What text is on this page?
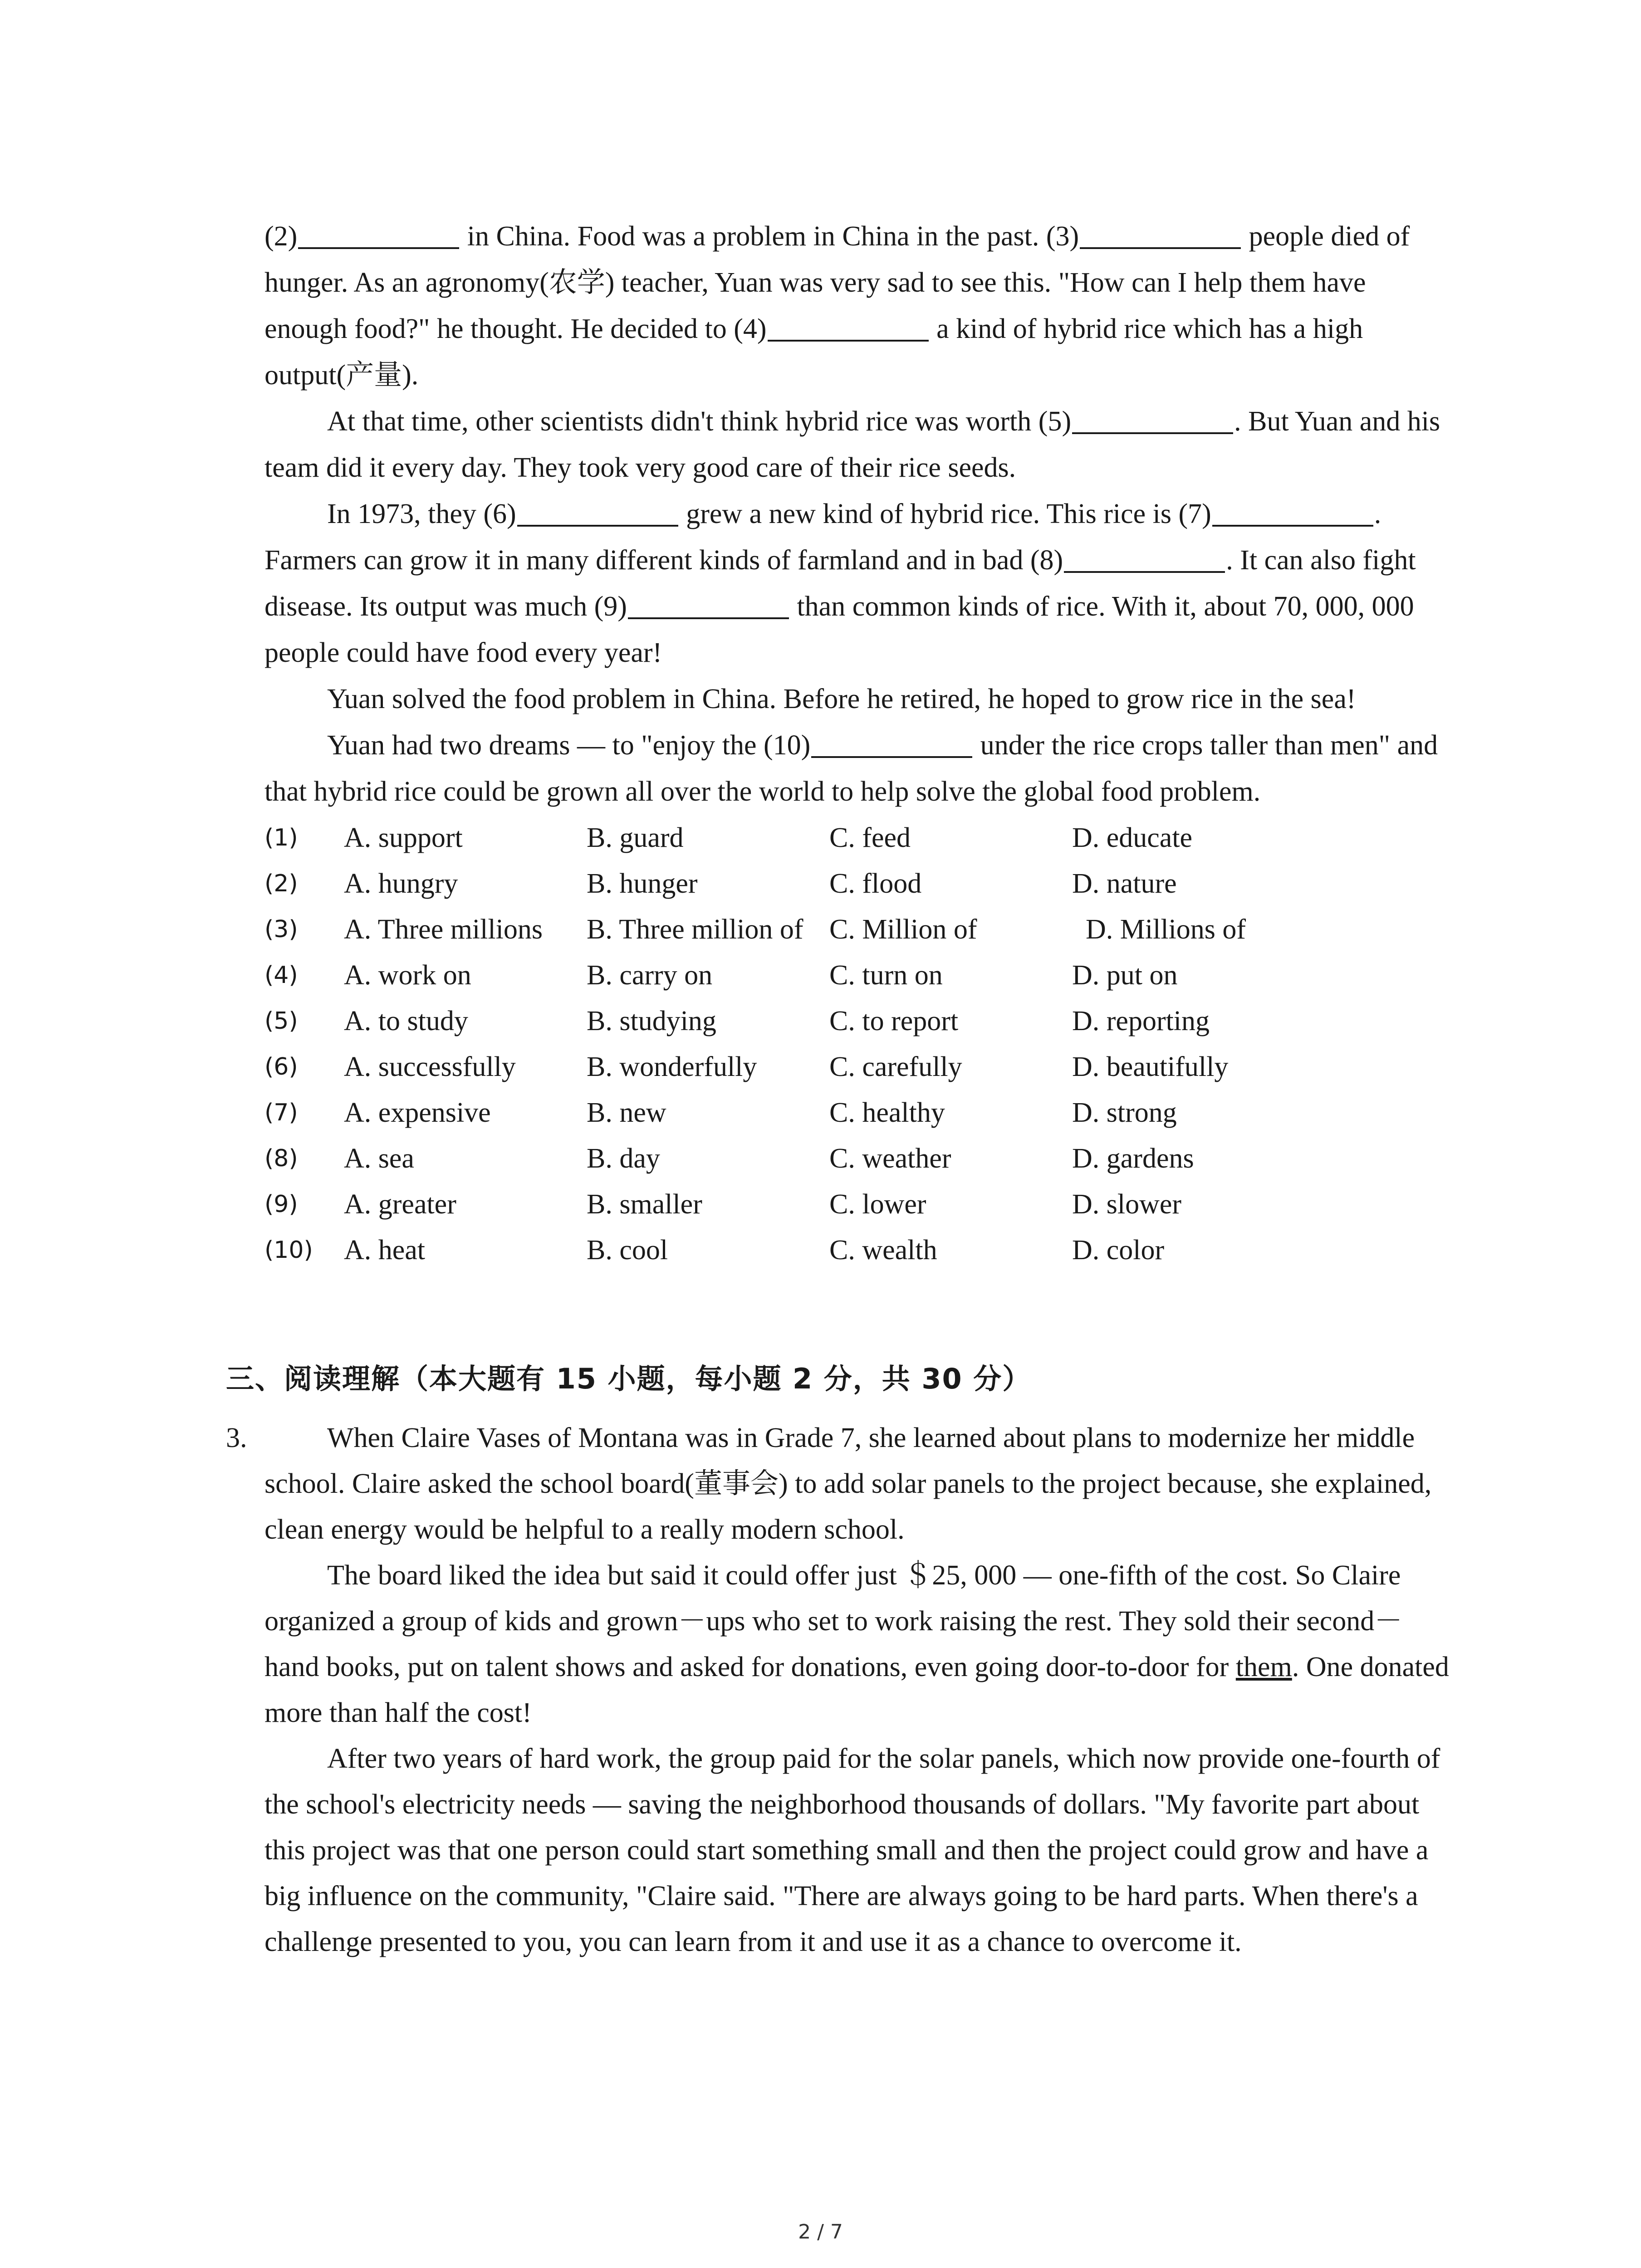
(2)	in China. Food was a problem in China in the past. (3)	people died of hunger. As an agronomy(农学) teacher, Yuan was very sad to see this. "How can I help them have enough food?" he thought. He decided to (4)	a kind of hybrid rice which has a high output(产量).

At that time, other scientists didn't think hybrid rice was worth (5)	. But Yuan and his team did it every day. They took very good care of their rice seeds.

In 1973, they (6)	grew a new kind of hybrid rice. This rice is (7)	. Farmers can grow it in many different kinds of farmland and in bad (8)	. It can also fight disease. Its output was much (9)	than common kinds of rice. With it, about 70, 000, 000 people could have food every year!

Yuan solved the food problem in China. Before he retired, he hoped to grow rice in the sea!

Yuan had two dreams — to "enjoy the (10)	under the rice crops taller than men" and that hybrid rice could be grown all over the world to help solve the global food problem.

(1)	A. support	B. guard	C. feed	D. educate
(2)	A. hungry	B. hunger	C. flood	D. nature
(3)	A. Three millions	B. Three million of C. Million of	D. Millions of
(4)	A. work on	B. carry on	C. turn on	D. put on
(5)	A. to study	B. studying	C. to report	D. reporting
(6)	A. successfully	B. wonderfully	C. carefully	D. beautifully
(7)	A. expensive	B. new	C. healthy	D. strong
(8)	A. sea	B. day	C. weather	D. gardens
(9)	A. greater	B. smaller	C. lower	D. slower
(10)	A. heat	B. cool	C. wealth	D. color
三、阅读理解（本大题有 15 小题，每小题 2 分，共 30 分）
3.	When Claire Vases of Montana was in Grade 7, she learned about plans to modernize her middle school. Claire asked the school board(董事会) to add solar panels to the project because, she explained, clean energy would be helpful to a really modern school.

The board liked the idea but said it could offer just ＄25, 000 — one-fifth of the cost. So Claire organized a group of kids and grown－ups who set to work raising the rest. They sold their second－hand books, put on talent shows and asked for donations, even going door-to-door for them. One donated more than half the cost!

After two years of hard work, the group paid for the solar panels, which now provide one-fourth of the school's electricity needs — saving the neighborhood thousands of dollars. "My favorite part about this project was that one person could start something small and then the project could grow and have a big influence on the community, "Claire said. "There are always going to be hard parts. When there's a challenge presented to you, you can learn from it and use it as a chance to overcome it.

2 / 7
